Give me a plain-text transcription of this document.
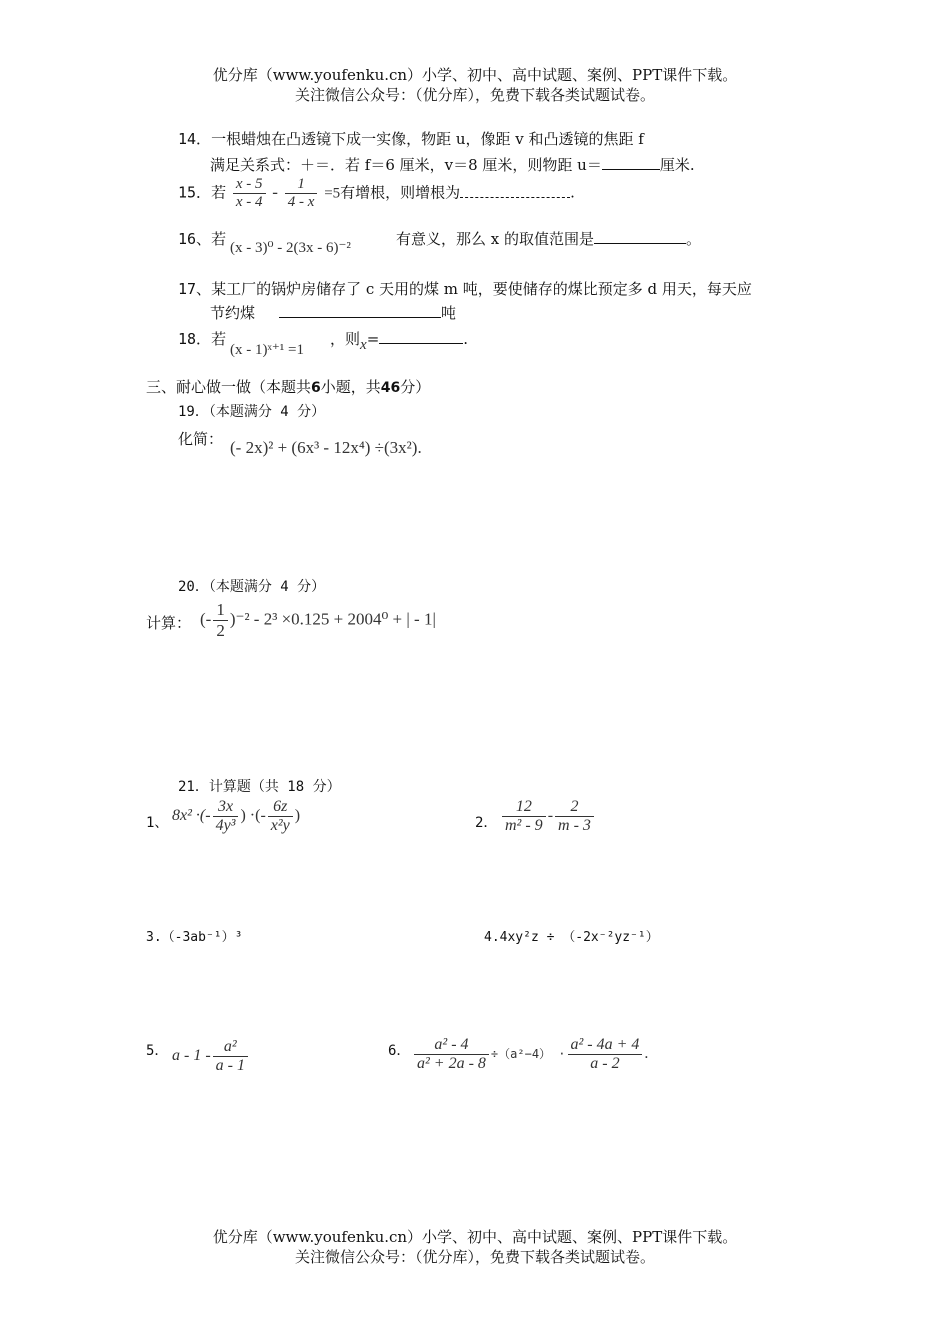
优分库（www.youfenku.cn）小学、初中、高中试题、案例、PPT课件下载。
关注微信公众号：（优分库），免费下载各类试题试卷。
14．一根蜡烛在凸透镜下成一实像，物距 u，像距 v 和凸透镜的焦距 f
满足关系式：＋＝．若 f＝6 厘米，v＝8 厘米，则物距 u＝	厘米.
15．若 $\frac{x - 5}{x - 4} - \frac{1}{4 - x} =5$有增根，则增根为	.
16、若 (x - 3)⁰ - 2(3x - 6)⁻²	有意义，那么 x 的取值范围是	。
17、某工厂的锅炉房储存了 c 天用的煤 m 吨，要使储存的煤比预定多 d 用天，每天应
节约煤	吨
18．若
(x - 1)ˣ⁺¹ =1
，则x=	.
三、耐心做一做（本题共6小题，共46分）
19．（本题满分 4 分）
化简： (- 2x)² + (6x³ - 12x⁴) ÷(3x²).
20．（本题满分 4 分）
计算： (- $\frac{1}{2} )^{-2} - 2^3 \times 0.125 + 2004^0$ + | - 1|
21．计算题（共 18 分）
1、 8x² ·(- $\frac{3x}{\text{4y³}}$ ) ·(- $\frac{6z}{\text{x²y}}$ )	2． $\frac{12}{\text{m² - 9}} - \frac{2}{m - 3}$
3.（-3ab⁻¹）³	4.4xy²z ÷ （-2x⁻²yz⁻¹）
5． a - $1 - \frac{\text{a²}}{a - 1}$	6． $\frac{\text{a² - 4}}{\text{a² + 2a - 8}} \div(a^2-4) \cdot \frac{\text{a² - 4a + 4}}{a - 2}$ .
优分库（www.youfenku.cn）小学、初中、高中试题、案例、PPT课件下载。
关注微信公众号：（优分库），免费下载各类试题试卷。
